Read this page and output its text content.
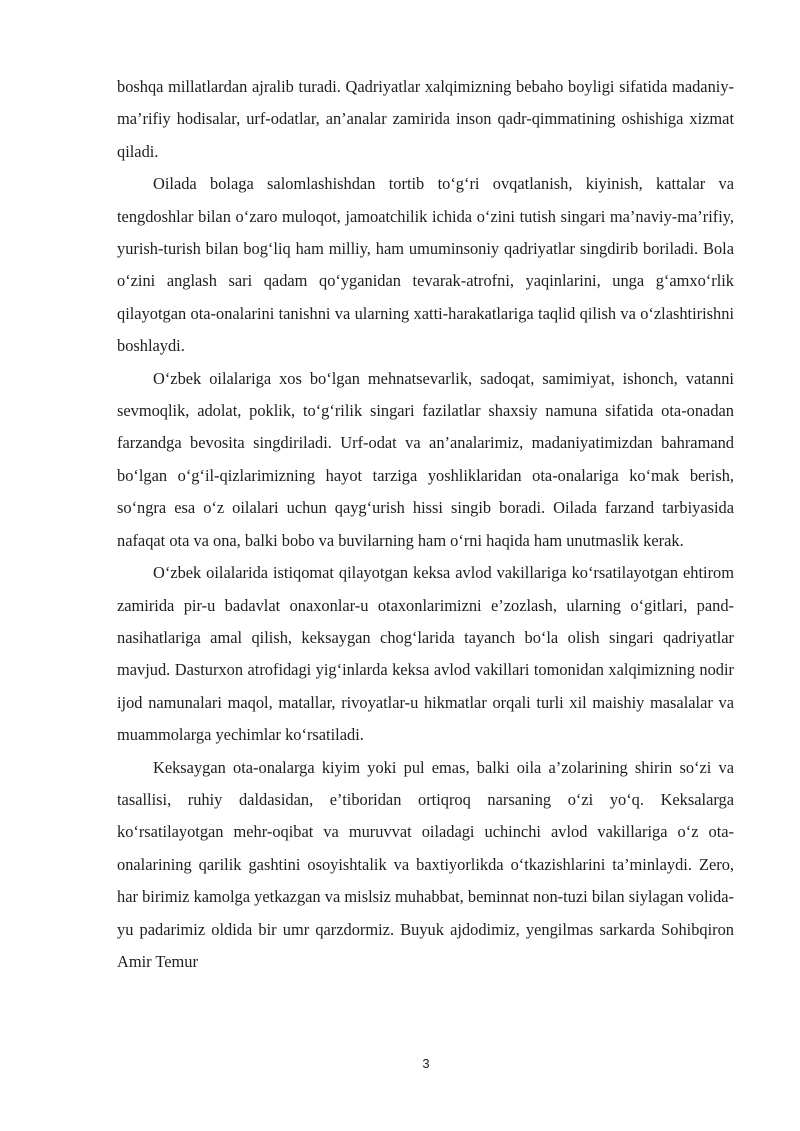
boshqa millatlardan ajralib turadi. Qadriyatlar xalqimizning bebaho boyligi sifatida madaniy-ma’rifiy hodisalar, urf-odatlar, an’analar zamirida inson qadr-qimmatining oshishiga xizmat qiladi.

Oilada bolaga salomlashishdan tortib to‘g‘ri ovqatlanish, kiyinish, kattalar va tengdoshlar bilan o‘zaro muloqot, jamoatchilik ichida o‘zini tutish singari ma’naviy-ma’rifiy, yurish-turish bilan bog‘liq ham milliy, ham umuminsoniy qadriyatlar singdirib boriladi. Bola o‘zini anglash sari qadam qo‘yganidan tevarak-atrofni, yaqinlarini, unga g‘amxo‘rlik qilayotgan ota-onalarini tanishni va ularning xatti-harakatlariga taqlid qilish va o‘zlashtirishni boshlaydi.

O‘zbek oilalariga xos bo‘lgan mehnatsevarlik, sadoqat, samimiyat, ishonch, vatanni sevmoqlik, adolat, poklik, to‘g‘rilik singari fazilatlar shaxsiy namuna sifatida ota-onadan farzandga bevosita singdiriladi. Urf-odat va an’analarimiz, madaniyatimizdan bahramand bo‘lgan o‘g‘il-qizlarimizning hayot tarziga yoshliklaridan ota-onalariga ko‘mak berish, so‘ngra esa o‘z oilalari uchun qayg‘urish hissi singib boradi. Oilada farzand tarbiyasida nafaqat ota va ona, balki bobo va buvilarning ham o‘rni haqida ham unutmaslik kerak.

O‘zbek oilalarida istiqomat qilayotgan keksa avlod vakillariga ko‘rsatilayotgan ehtirom zamirida pir-u badavlat onaxonlar-u otaxonlarimizni e’zozlash, ularning o‘gitlari, pand-nasihatlariga amal qilish, keksaygan chog‘larida tayanch bo‘la olish singari qadriyatlar mavjud. Dasturxon atrofidagi yig‘inlarda keksa avlod vakillari tomonidan xalqimizning nodir ijod namunalari maqol, matallar, rivoyatlar-u hikmatlar orqali turli xil maishiy masalalar va muammolarga yechimlar ko‘rsatiladi.

Keksaygan ota-onalarga kiyim yoki pul emas, balki oila a’zolarining shirin so‘zi va tasallisi, ruhiy daldasidan, e’tiboridan ortiqroq narsaning o‘zi yo‘q. Keksalarga ko‘rsatilayotgan mehr-oqibat va muruvvat oiladagi uchinchi avlod vakillariga o‘z ota-onalarining qarilik gashtini osoyishtalik va baxtiyorlikda o‘tkazishlarini ta’minlaydi. Zero, har birimiz kamolga yetkazgan va mislsiz muhabbat, beminnat non-tuzi bilan siylagan volida-yu padarimiz oldida bir umr qarzdormiz. Buyuk ajdodimiz, yengilmas sarkarda Sohibqiron Amir Temur

3
